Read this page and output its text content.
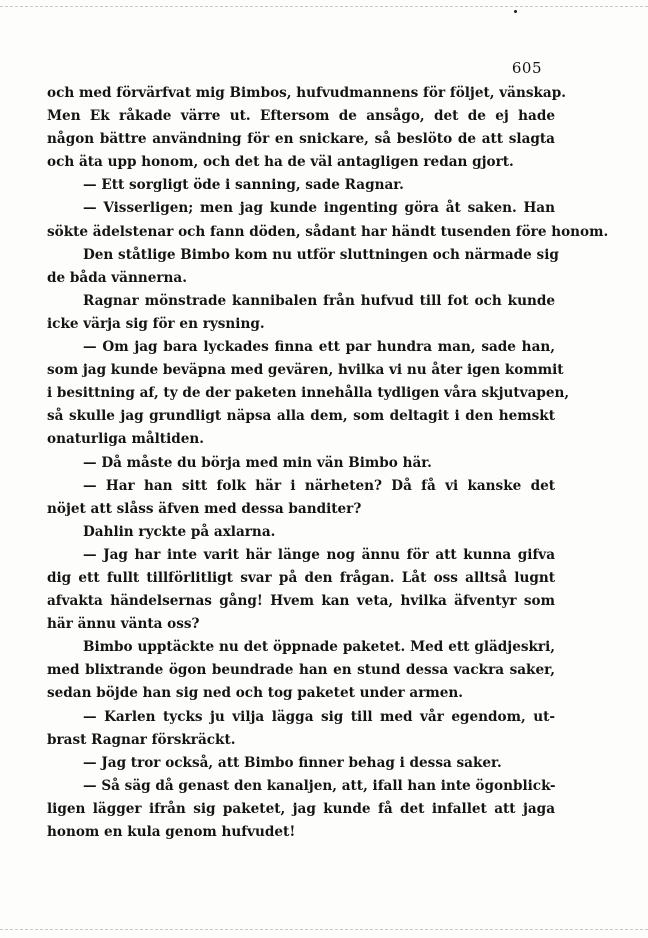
605
och med förvärfvat mig Bimbos, hufvudmannens för följet, vänskap.
Men Ek råkade värre ut. Eftersom de ansågo, det de ej hade
någon bättre användning för en snickare, så beslöto de att slagta
och äta upp honom, och det ha de väl antagligen redan gjort.
— Ett sorgligt öde i sanning, sade Ragnar.
— Visserligen; men jag kunde ingenting göra åt saken. Han
sökte ädelstenar och fann döden, sådant har händt tusenden före honom.
Den ståtlige Bimbo kom nu utför sluttningen och närmade sig
de båda vännerna.
Ragnar mönstrade kannibalen från hufvud till fot och kunde
icke värja sig för en rysning.
— Om jag bara lyckades finna ett par hundra man, sade han,
som jag kunde beväpna med gevären, hvilka vi nu åter igen kommit
i besittning af, ty de der paketen innehålla tydligen våra skjutvapen,
så skulle jag grundligt näpsa alla dem, som deltagit i den hemskt
onaturliga måltiden.
— Då måste du börja med min vän Bimbo här.
— Har han sitt folk här i närheten? Då få vi kanske det
nöjet att slåss äfven med dessa banditer?
Dahlin ryckte på axlarna.
— Jag har inte varit här länge nog ännu för att kunna gifva
dig ett fullt tillförlitligt svar på den frågan. Låt oss alltså lugnt
afvakta händelsernas gång! Hvem kan veta, hvilka äfventyr som
här ännu vänta oss?
Bimbo upptäckte nu det öppnade paketet. Med ett glädjeskri,
med blixtrande ögon beundrade han en stund dessa vackra saker,
sedan böjde han sig ned och tog paketet under armen.
— Karlen tycks ju vilja lägga sig till med vår egendom, ut-
brast Ragnar förskräckt.
— Jag tror också, att Bimbo finner behag i dessa saker.
— Så säg då genast den kanaljen, att, ifall han inte ögonblick-
ligen lägger ifrån sig paketet, jag kunde få det infallet att jaga
honom en kula genom hufvudet!
